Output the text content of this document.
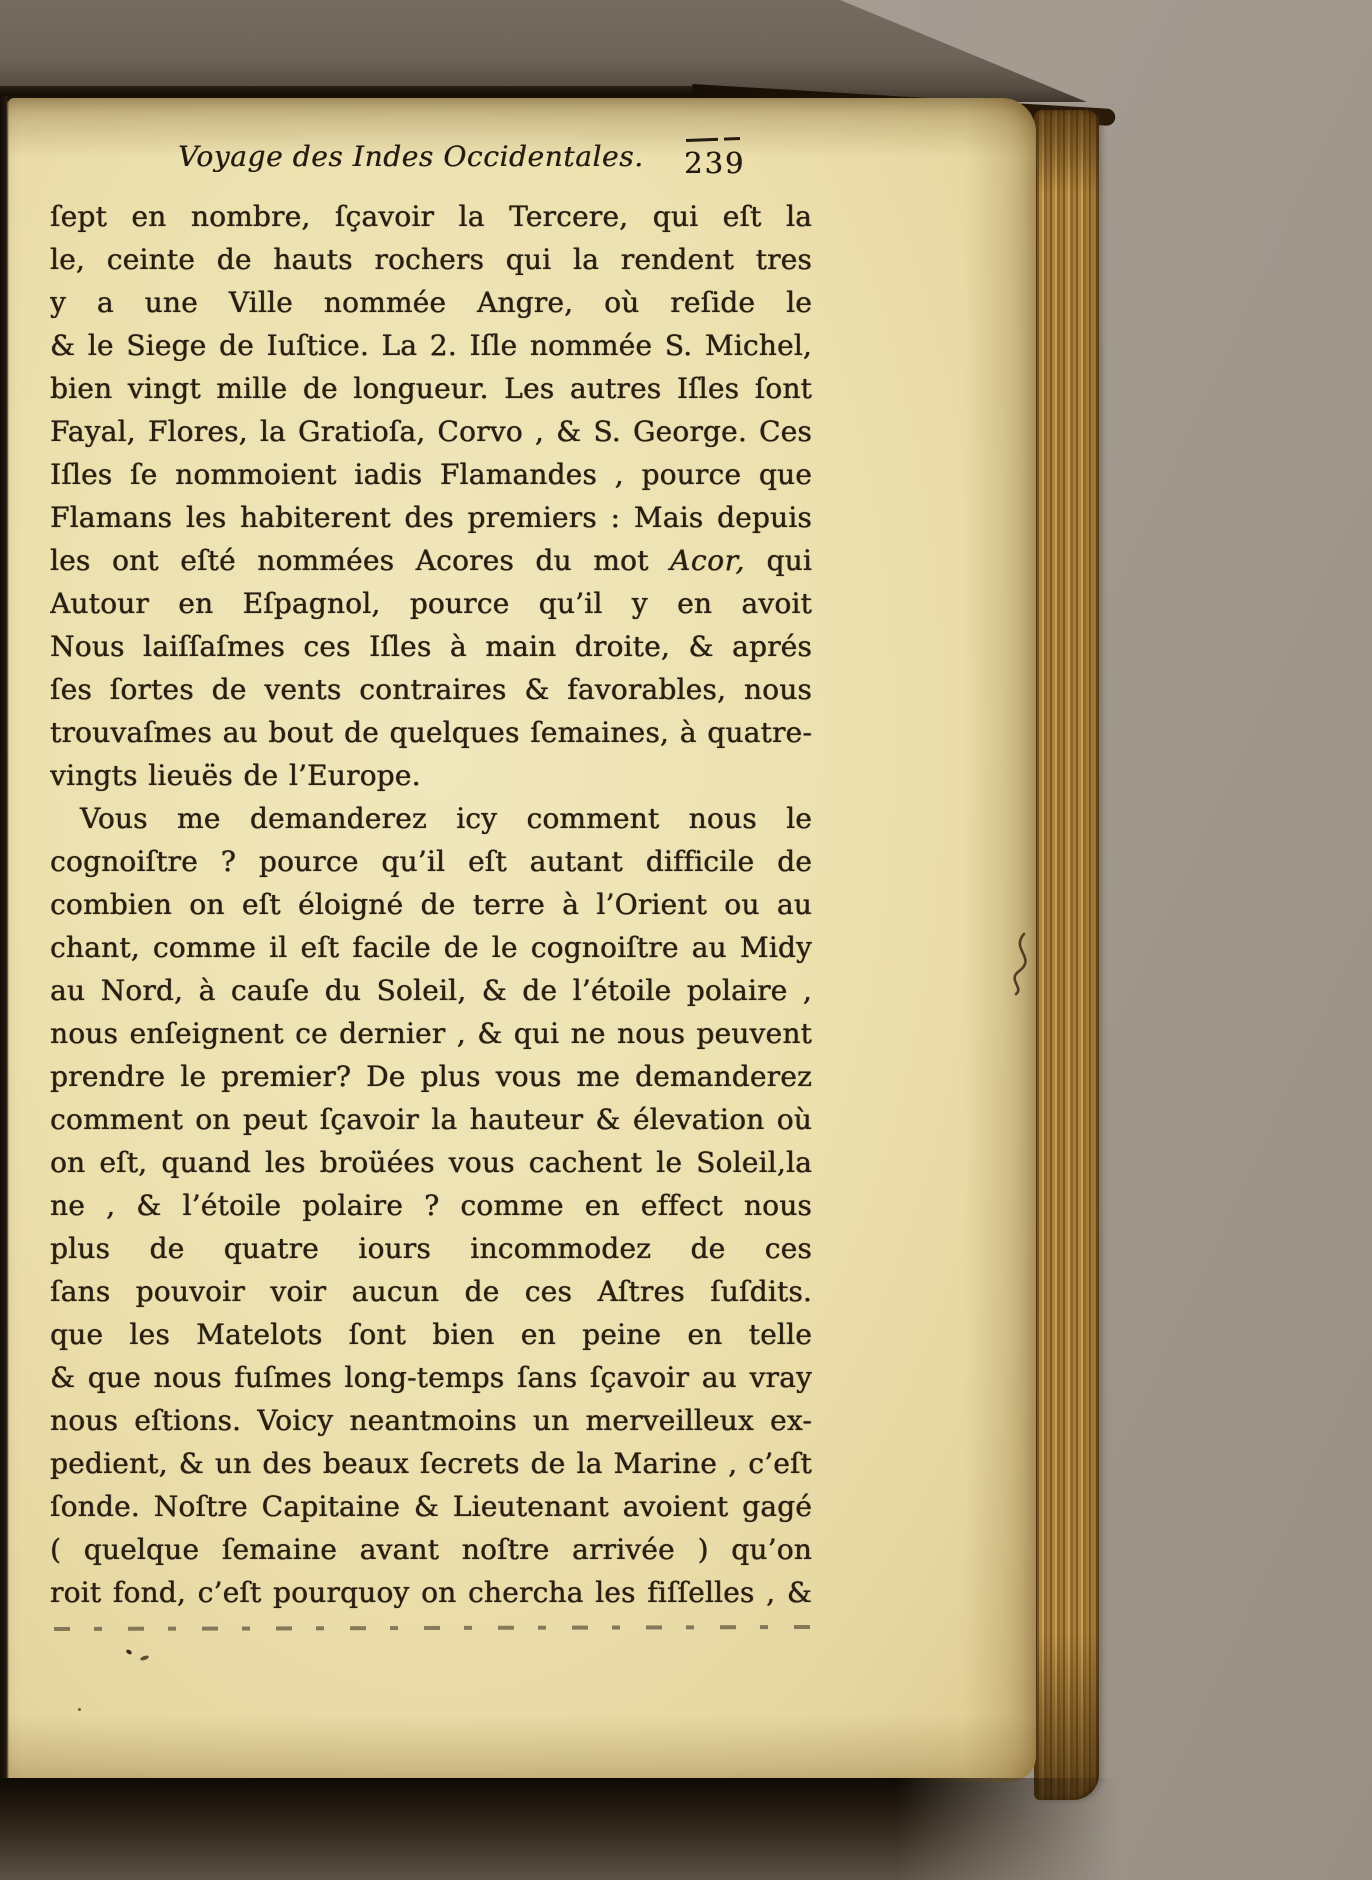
Voyage des Indes Occidentales. 239
ſept en nombre, ſçavoir la Tercere, qui eſt la
le, ceinte de hauts rochers qui la rendent tres
y a une Ville nommée Angre, où reſide le
& le Siege de Iuſtice. La 2. Iſle nommée S. Michel,
bien vingt mille de longueur. Les autres Iſles ſont
Fayal, Flores, la Gratioſa, Corvo , & S. George. Ces
Iſles ſe nommoient iadis Flamandes , pource que
Flamans les habiterent des premiers : Mais depuis
les ont eſté nommées Acores du mot Acor, qui
Autour en Eſpagnol, pource qu’il y en avoit
Nous laiſſaſmes ces Iſles à main droite, & aprés
ſes ſortes de vents contraires & favorables, nous
trouvaſmes au bout de quelques ſemaines, à quatre-
vingts lieuës de l’Europe.
Vous me demanderez icy comment nous le
cognoiſtre ? pource qu’il eſt autant difficile de
combien on eſt éloigné de terre à l’Orient ou au
chant, comme il eſt facile de le cognoiſtre au Midy
au Nord, à cauſe du Soleil, & de l’étoile polaire ,
nous enſeignent ce dernier , & qui ne nous peuvent
prendre le premier? De plus vous me demanderez
comment on peut ſçavoir la hauteur & élevation où
on eſt, quand les broüées vous cachent le Soleil,la
ne , & l’étoile polaire ? comme en effect nous
plus de quatre iours incommodez de ces
ſans pouvoir voir aucun de ces Aſtres ſuſdits.
que les Matelots ſont bien en peine en telle
& que nous fuſmes long-temps ſans ſçavoir au vray
nous eſtions. Voicy neantmoins un merveilleux ex-
pedient, & un des beaux ſecrets de la Marine , c’eſt
ſonde. Noſtre Capitaine & Lieutenant avoient gagé
( quelque ſemaine avant noſtre arrivée ) qu’on
roit fond, c’eſt pourquoy on chercha les fiſſelles , &
